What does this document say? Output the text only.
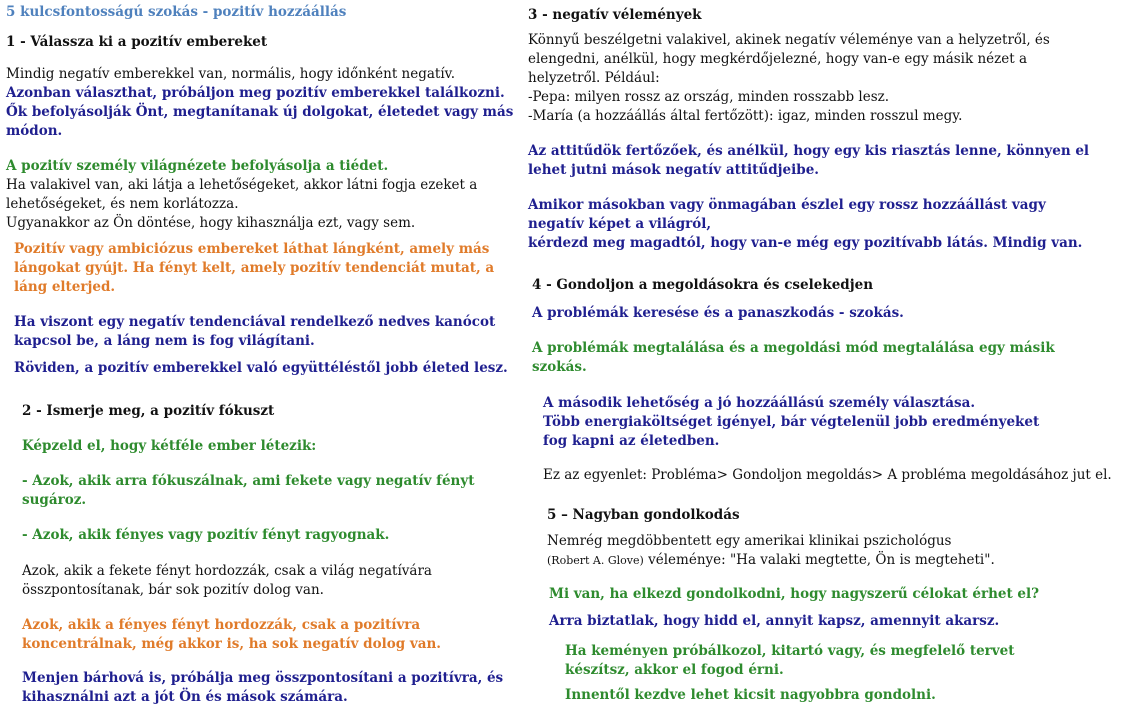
5 kulcsfontosságú szokás - pozitív hozzáállás
1 - Válassza ki a pozitív embereket
Mindig negatív emberekkel van, normális, hogy időnként negatív.
Azonban választhat, próbáljon meg pozitív emberekkel találkozni.
Ők befolyásolják Önt, megtanítanak új dolgokat, életedet vagy más
módon.
A pozitív személy világnézete befolyásolja a tiédet.
Ha valakivel van, aki látja a lehetőségeket, akkor látni fogja ezeket a
lehetőségeket, és nem korlátozza.
Ugyanakkor az Ön döntése, hogy kihasználja ezt, vagy sem.
Pozitív vagy ambiciózus embereket láthat lángként, amely más
lángokat gyújt. Ha fényt kelt, amely pozitív tendenciát mutat, a
láng elterjed.
Ha viszont egy negatív tendenciával rendelkező nedves kanócot
kapcsol be, a láng nem is fog világítani.
Röviden, a pozitív emberekkel való együttéléstől jobb életed lesz.
2 - Ismerje meg, a pozitív fókuszt
Képzeld el, hogy kétféle ember létezik:
- Azok, akik arra fókuszálnak, ami fekete vagy negatív fényt
sugároz.
- Azok, akik fényes vagy pozitív fényt ragyognak.
Azok, akik a fekete fényt hordozzák, csak a világ negatívára
összpontosítanak, bár sok pozitív dolog van.
Azok, akik a fényes fényt hordozzák, csak a pozitívra
koncentrálnak, még akkor is, ha sok negatív dolog van.
Menjen bárhová is, próbálja meg összpontosítani a pozitívra, és
kihasználni azt a jót Ön és mások számára.
3 - negatív vélemények
Könnyű beszélgetni valakivel, akinek negatív véleménye van a helyzetről, és
elengedni, anélkül, hogy megkérdőjelezné, hogy van-e egy másik nézet a
helyzetről. Például:
-Pepa: milyen rossz az ország, minden rosszabb lesz.
-María (a hozzáállás által fertőzött): igaz, minden rosszul megy.
Az attitűdök fertőzőek, és anélkül, hogy egy kis riasztás lenne, könnyen el
lehet jutni mások negatív attitűdjeibe.
Amikor másokban vagy önmagában észlel egy rossz hozzáállást vagy
negatív képet a világról,
kérdezd meg magadtól, hogy van-e még egy pozitívabb látás. Mindig van.
4 - Gondoljon a megoldásokra és cselekedjen
A problémák keresése és a panaszkodás - szokás.
A problémák megtalálása és a megoldási mód megtalálása egy másik
szokás.
A második lehetőség a jó hozzáállású személy választása.
Több energiaköltséget igényel, bár végtelenül jobb eredményeket
fog kapni az életedben.
Ez az egyenlet: Probléma> Gondoljon megoldás> A probléma megoldásához jut el.
5 – Nagyban gondolkodás
Nemrég megdöbbentett egy amerikai klinikai pszichológus
(Robert A. Glove) véleménye: "Ha valaki megtette, Ön is megteheti".
Mi van, ha elkezd gondolkodni, hogy nagyszerű célokat érhet el?
Arra biztatlak, hogy hidd el, annyit kapsz, amennyit akarsz.
Ha keményen próbálkozol, kitartó vagy, és megfelelő tervet
készítsz, akkor el fogod érni.
Innentől kezdve lehet kicsit nagyobbra gondolni.
